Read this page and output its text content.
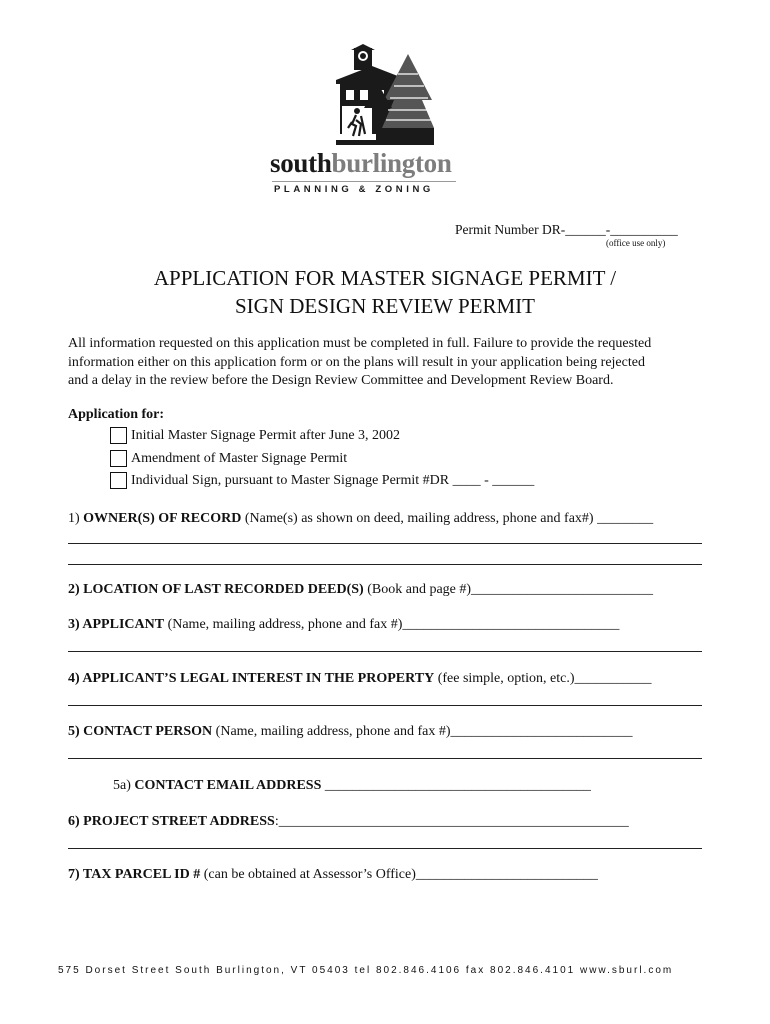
southburlington
PLANNING & ZONING
Permit Number DR-______-__________
(office use only)
APPLICATION FOR MASTER SIGNAGE PERMIT /
SIGN DESIGN REVIEW PERMIT
All information requested on this application must be completed in full. Failure to provide the requested
information either on this application form or on the plans will result in your application being rejected
and a delay in the review before the Design Review Committee and Development Review Board.
Application for:
Initial Master Signage Permit after June 3, 2002
Amendment of Master Signage Permit
Individual Sign, pursuant to Master Signage Permit #DR ____ - ______
1) OWNER(S) OF RECORD (Name(s) as shown on deed, mailing address, phone and fax#) ________
2) LOCATION OF LAST RECORDED DEED(S) (Book and page #)__________________________
3) APPLICANT (Name, mailing address, phone and fax #)_______________________________
4) APPLICANT’S LEGAL INTEREST IN THE PROPERTY (fee simple, option, etc.)___________
5) CONTACT PERSON (Name, mailing address, phone and fax #)__________________________
5a) CONTACT EMAIL ADDRESS ______________________________________
6) PROJECT STREET ADDRESS:__________________________________________________
7) TAX PARCEL ID # (can be obtained at Assessor’s Office)__________________________
575 Dorset Street South Burlington, VT 05403 tel 802.846.4106 fax 802.846.4101 www.sburl.com
